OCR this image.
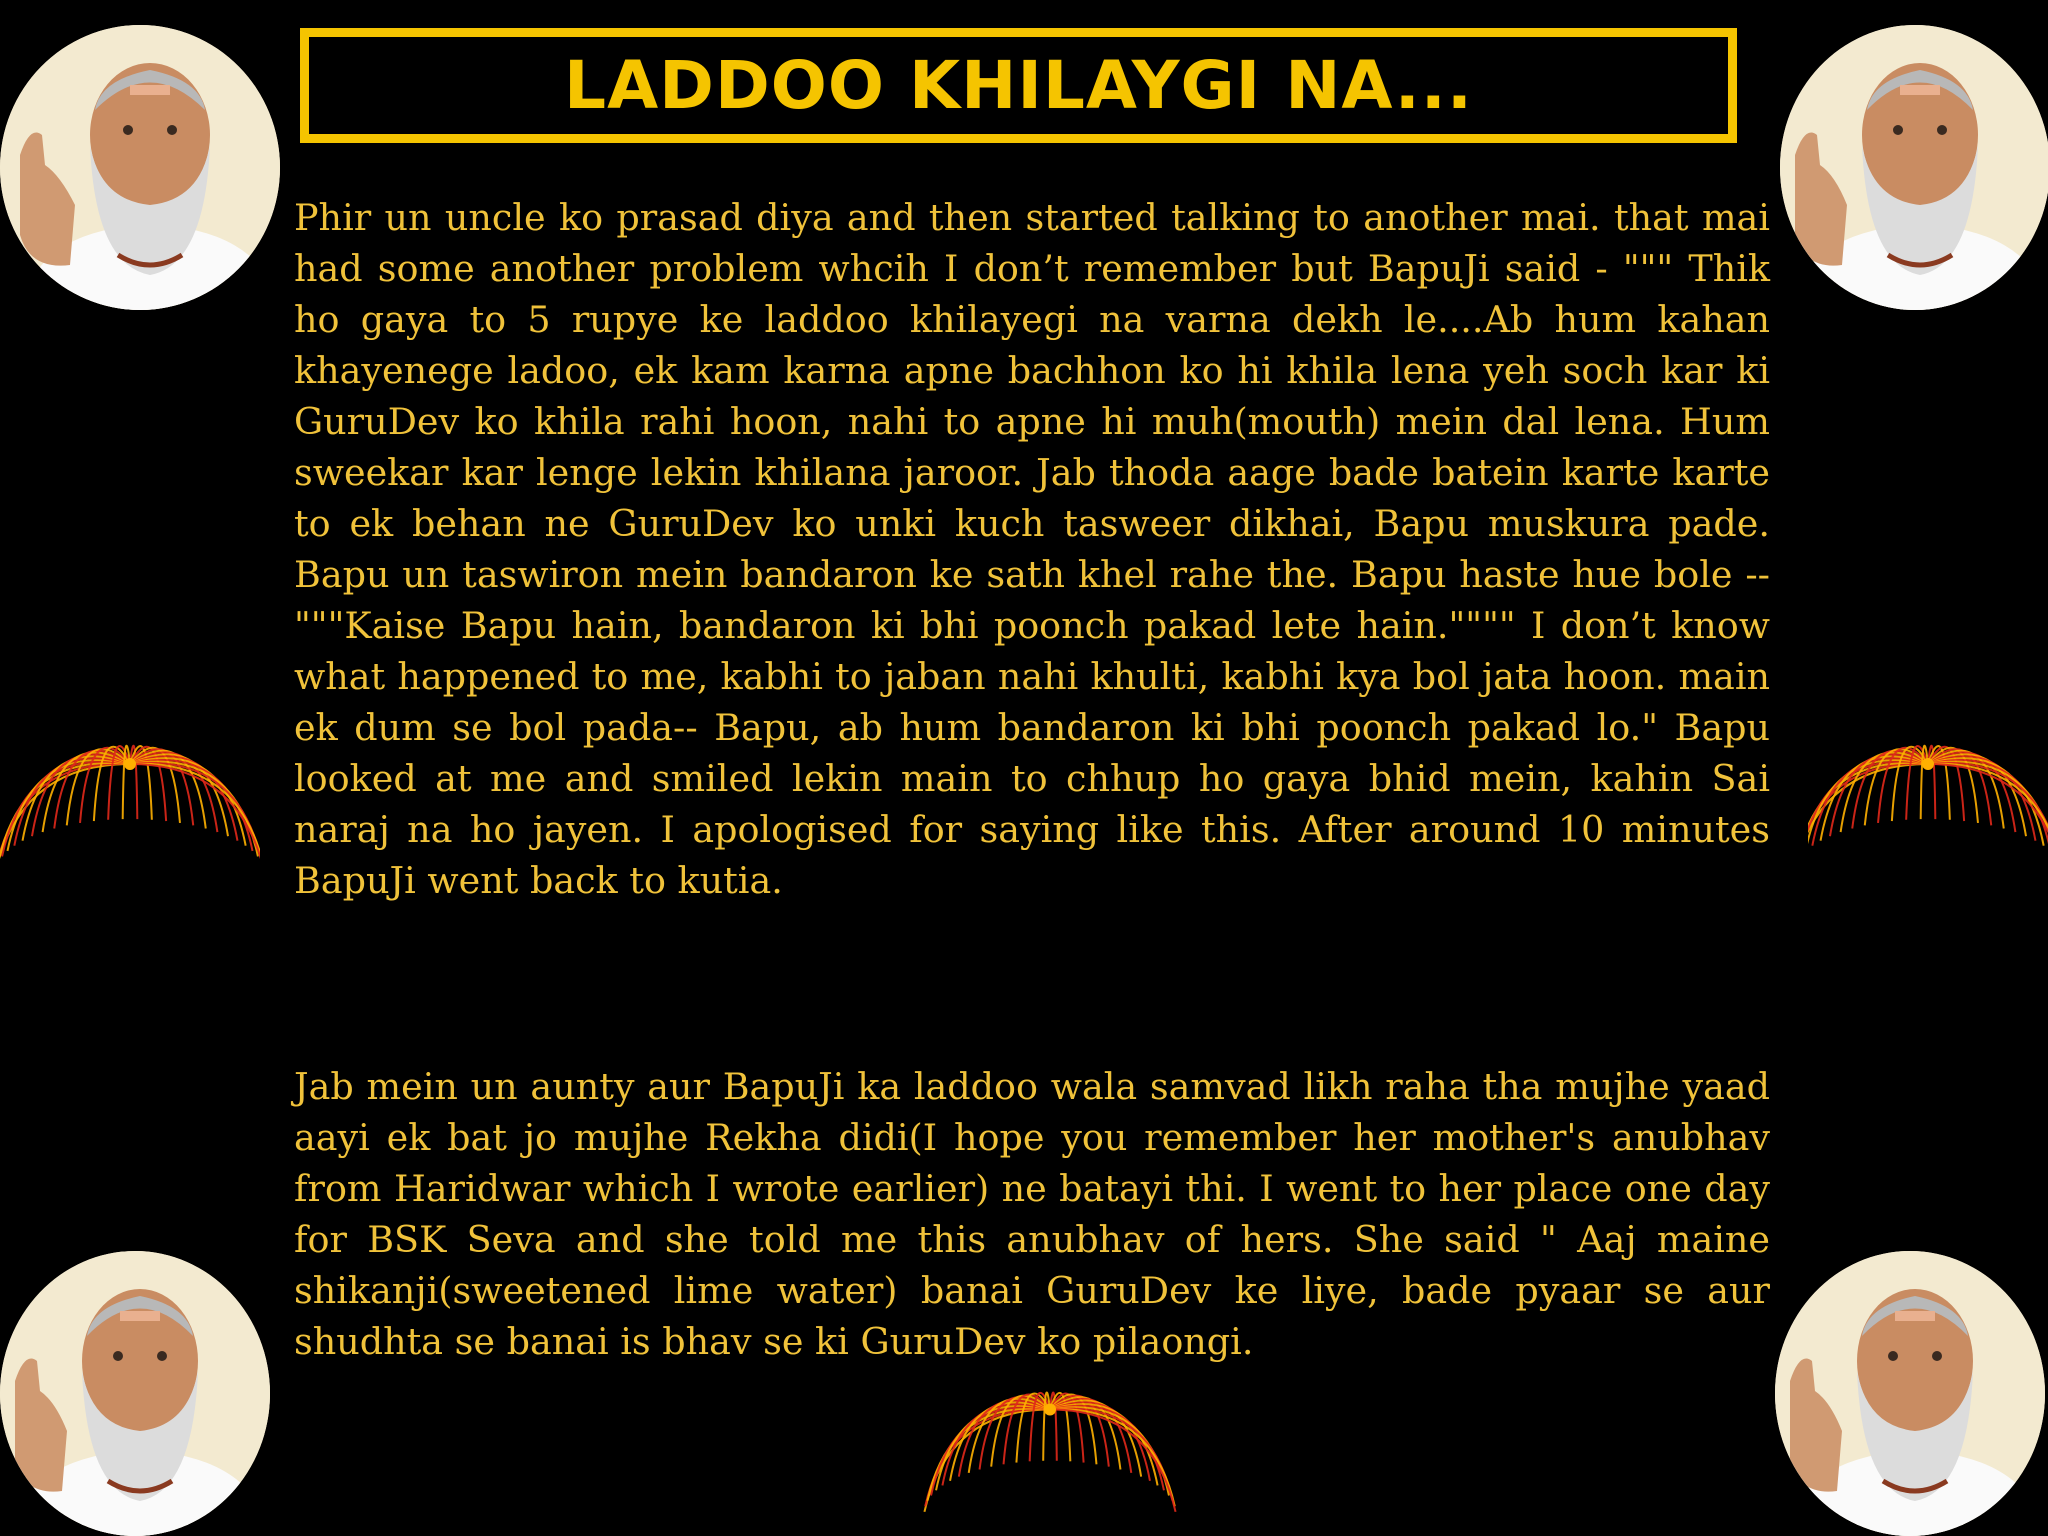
LADDOO KHILAYGI NA...
Phir un uncle ko prasad diya and then started talking to another mai. that mai had some another problem whcih I don’t remember but BapuJi said - """ Thik ho gaya to 5 rupye ke laddoo khilayegi na varna dekh le....Ab hum kahan khayenege ladoo, ek kam karna apne bachhon ko hi khila lena yeh soch kar ki GuruDev ko khila rahi hoon, nahi to apne hi muh(mouth) mein dal lena. Hum sweekar kar lenge lekin khilana jaroor. Jab thoda aage bade batein karte karte to ek behan ne GuruDev ko unki kuch tasweer dikhai, Bapu muskura pade. Bapu un taswiron mein bandaron ke sath khel rahe the. Bapu haste hue bole -- """Kaise Bapu hain, bandaron ki bhi poonch pakad lete hain."""" I don’t know what happened to me, kabhi to jaban nahi khulti, kabhi kya bol jata hoon. main ek dum se bol pada-- Bapu, ab hum bandaron ki bhi poonch pakad lo." Bapu looked at me and smiled lekin main to chhup ho gaya bhid mein, kahin Sai naraj na ho jayen. I apologised for saying like this. After around 10 minutes BapuJi went back to kutia.
Jab mein un aunty aur BapuJi ka laddoo wala samvad likh raha tha mujhe yaad aayi ek bat jo mujhe Rekha didi(I hope you remember her mother's anubhav from Haridwar which I wrote earlier) ne batayi thi. I went to her place one day for BSK Seva and she told me this anubhav of hers. She said " Aaj maine shikanji(sweetened lime water) banai GuruDev ke liye, bade pyaar se aur shudhta se banai is bhav se ki GuruDev ko pilaongi.
